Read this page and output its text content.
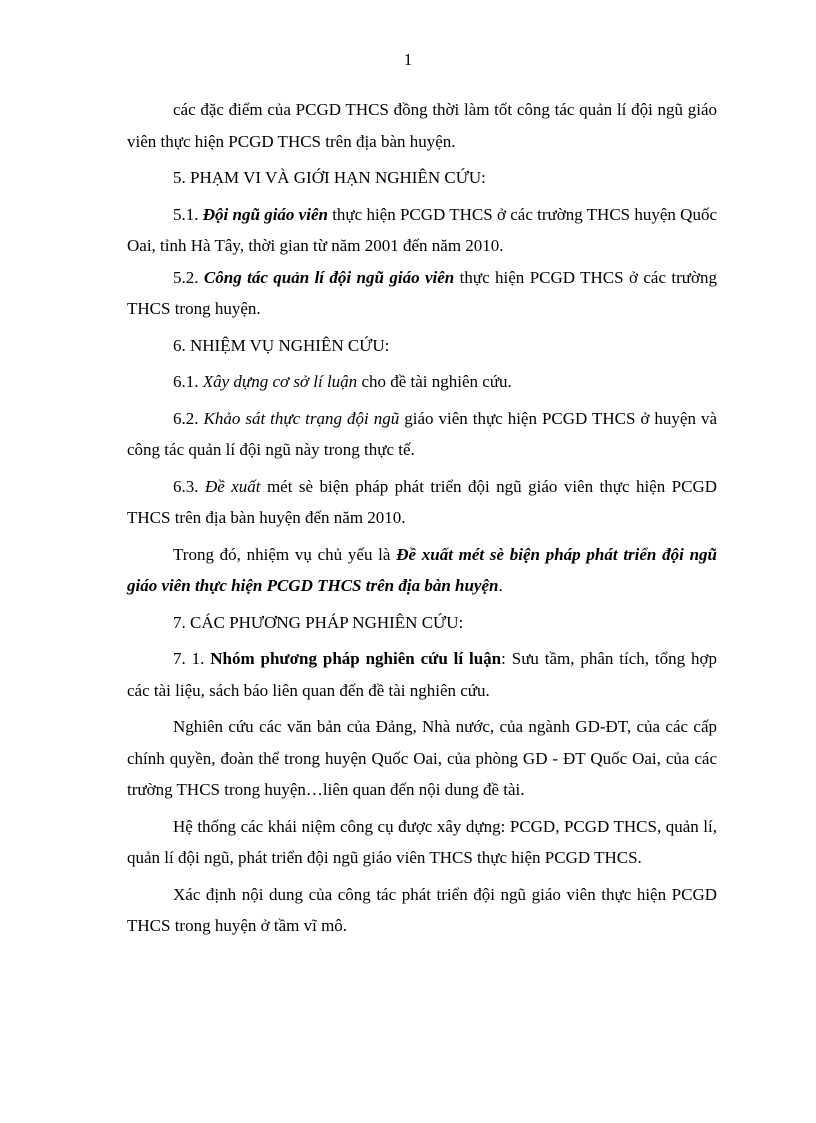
1

các đặc điểm của PCGD THCS đồng thời làm tốt công tác quản lí đội ngũ giáo viên thực hiện PCGD THCS trên địa bàn huyện.

5. PHẠM VI VÀ GIỚI HẠN NGHIÊN CỨU:

5.1. Đội ngũ giáo viên thực hiện PCGD THCS ở các trường THCS huyện Quốc Oai, tỉnh Hà Tây, thời gian từ năm 2001 đến năm 2010.

5.2. Công tác quản lí đội ngũ giáo viên thực hiện PCGD THCS ở các trường THCS trong huyện.

6. NHIỆM VỤ NGHIÊN CỨU:

6.1. Xây dựng cơ sở lí luận cho đề tài nghiên cứu.

6.2. Khảo sát thực trạng đội ngũ giáo viên thực hiện PCGD THCS ở huyện và công tác quản lí đội ngũ này trong thực tế.

6.3. Đề xuất mét sè biện pháp phát triển đội ngũ giáo viên thực hiện PCGD THCS trên địa bàn huyện đến năm 2010.

Trong đó, nhiệm vụ chủ yếu là Đề xuất mét sè biện pháp phát triển đội ngũ giáo viên thực hiện PCGD THCS trên địa bàn huyện.

7. CÁC PHƯƠNG PHÁP NGHIÊN CỨU:

7. 1. Nhóm phương pháp nghiên cứu lí luận: Sưu tầm, phân tích, tổng hợp các tài liệu, sách báo liên quan đến đề tài nghiên cứu.

Nghiên cứu các văn bản của Đảng, Nhà nước, của ngành GD-ĐT, của các cấp chính quyền, đoàn thể trong huyện Quốc Oai, của phòng GD - ĐT Quốc Oai, của các trường THCS trong huyện…liên quan đến nội dung đề tài.

Hệ thống các khái niệm công cụ được xây dựng: PCGD, PCGD THCS, quản lí, quản lí đội ngũ, phát triển đội ngũ giáo viên THCS thực hiện PCGD THCS.

Xác định nội dung của công tác phát triển đội ngũ giáo viên thực hiện PCGD THCS trong huyện ở tầm vĩ mô.
